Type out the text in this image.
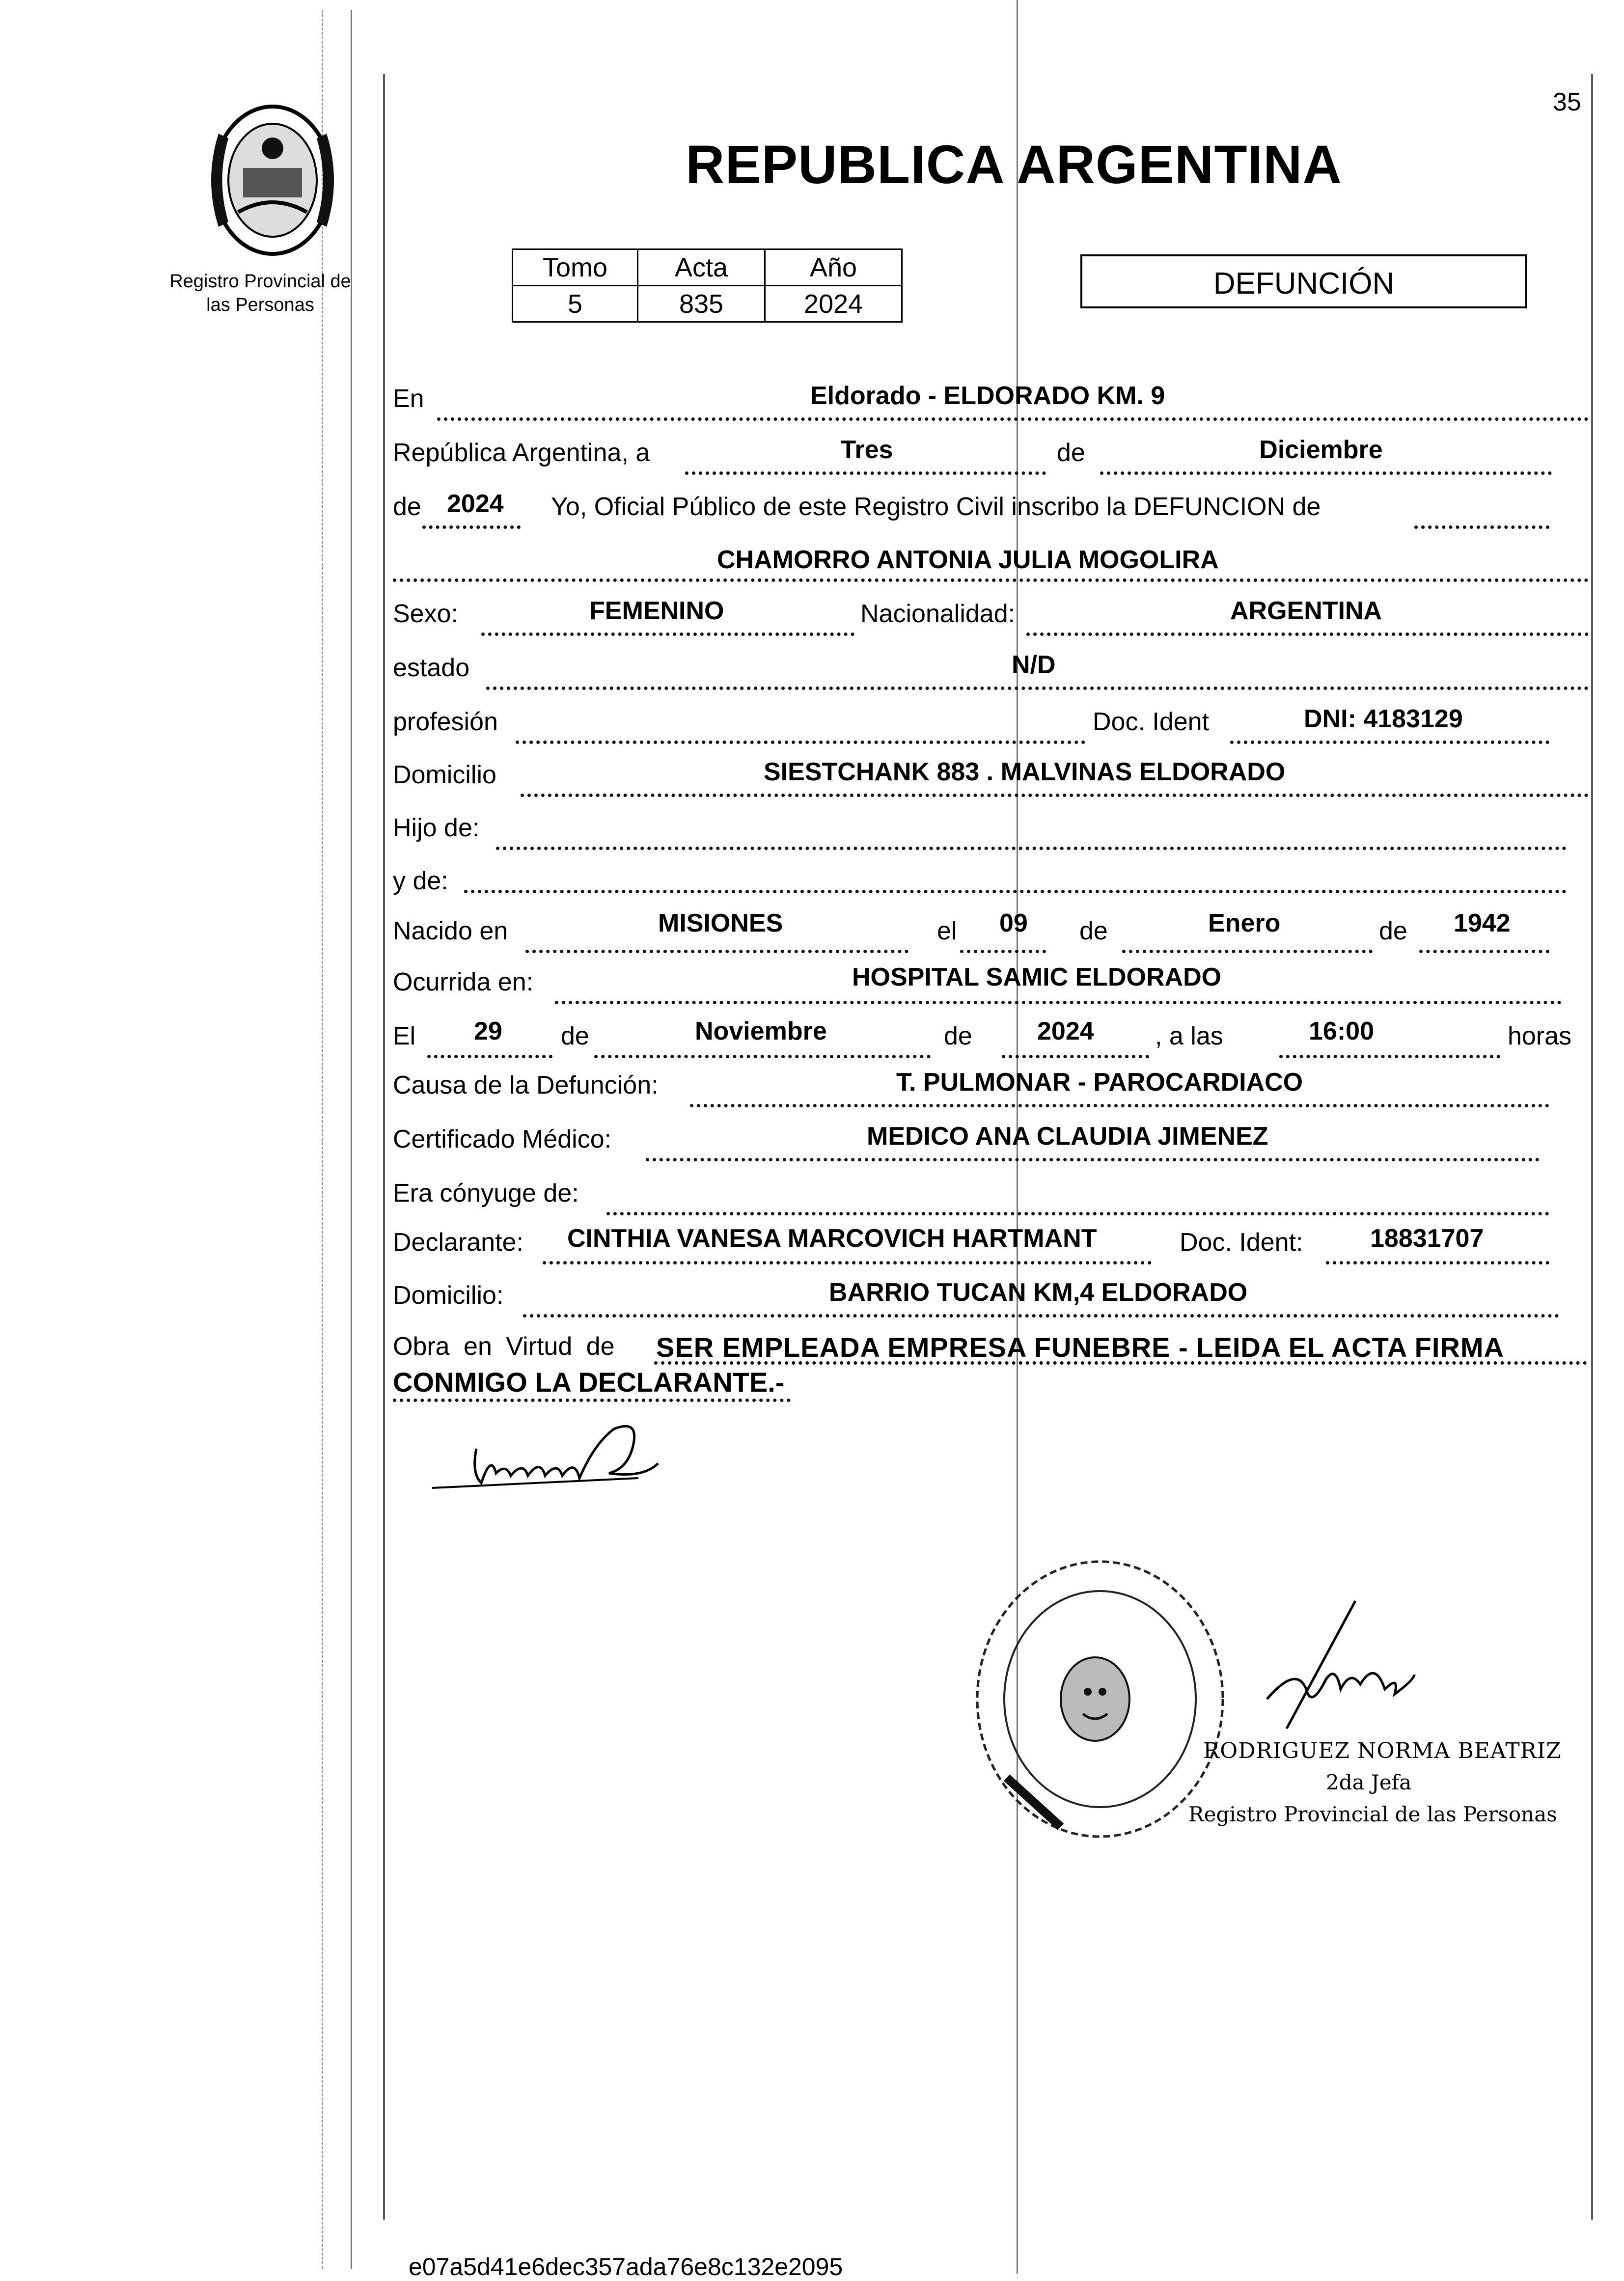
35
Registro Provincial de
las Personas
REPUBLICA ARGENTINA
Tomo	Acta	Año
5	835	2024
DEFUNCIÓN
En	Eldorado - ELDORADO KM. 9
República Argentina, a	Tres	de	Diciembre
de 2024 Yo, Oficial Público de este Registro Civil inscribo la DEFUNCION de
CHAMORRO ANTONIA JULIA MOGOLIRA
Sexo:	FEMENINO	Nacionalidad:	ARGENTINA
estado	N/D
profesión	Doc. Ident	DNI: 4183129
Domicilio	SIESTCHANK 883 . MALVINAS ELDORADO
Hijo de:
y de:
Nacido en	MISIONES	el 09 de	Enero	de 1942
Ocurrida en:	HOSPITAL SAMIC ELDORADO
El 29 de	Noviembre	de	2024 , a las	16:00	horas
Causa de la Defunción:	T. PULMONAR - PAROCARDIACO
Certificado Médico:	MEDICO ANA CLAUDIA JIMENEZ
Era cónyuge de:
Declarante: CINTHIA VANESA MARCOVICH HARTMANT	Doc. Ident:	18831707
Domicilio:	BARRIO TUCAN KM,4 ELDORADO
Obra en Virtud de SER EMPLEADA EMPRESA FUNEBRE - LEIDA EL ACTA FIRMA
CONMIGO LA DECLARANTE.-
RODRIGUEZ NORMA BEATRIZ
2da Jefa
Registro Provincial de las Personas
e07a5d41e6dec357ada76e8c132e2095
